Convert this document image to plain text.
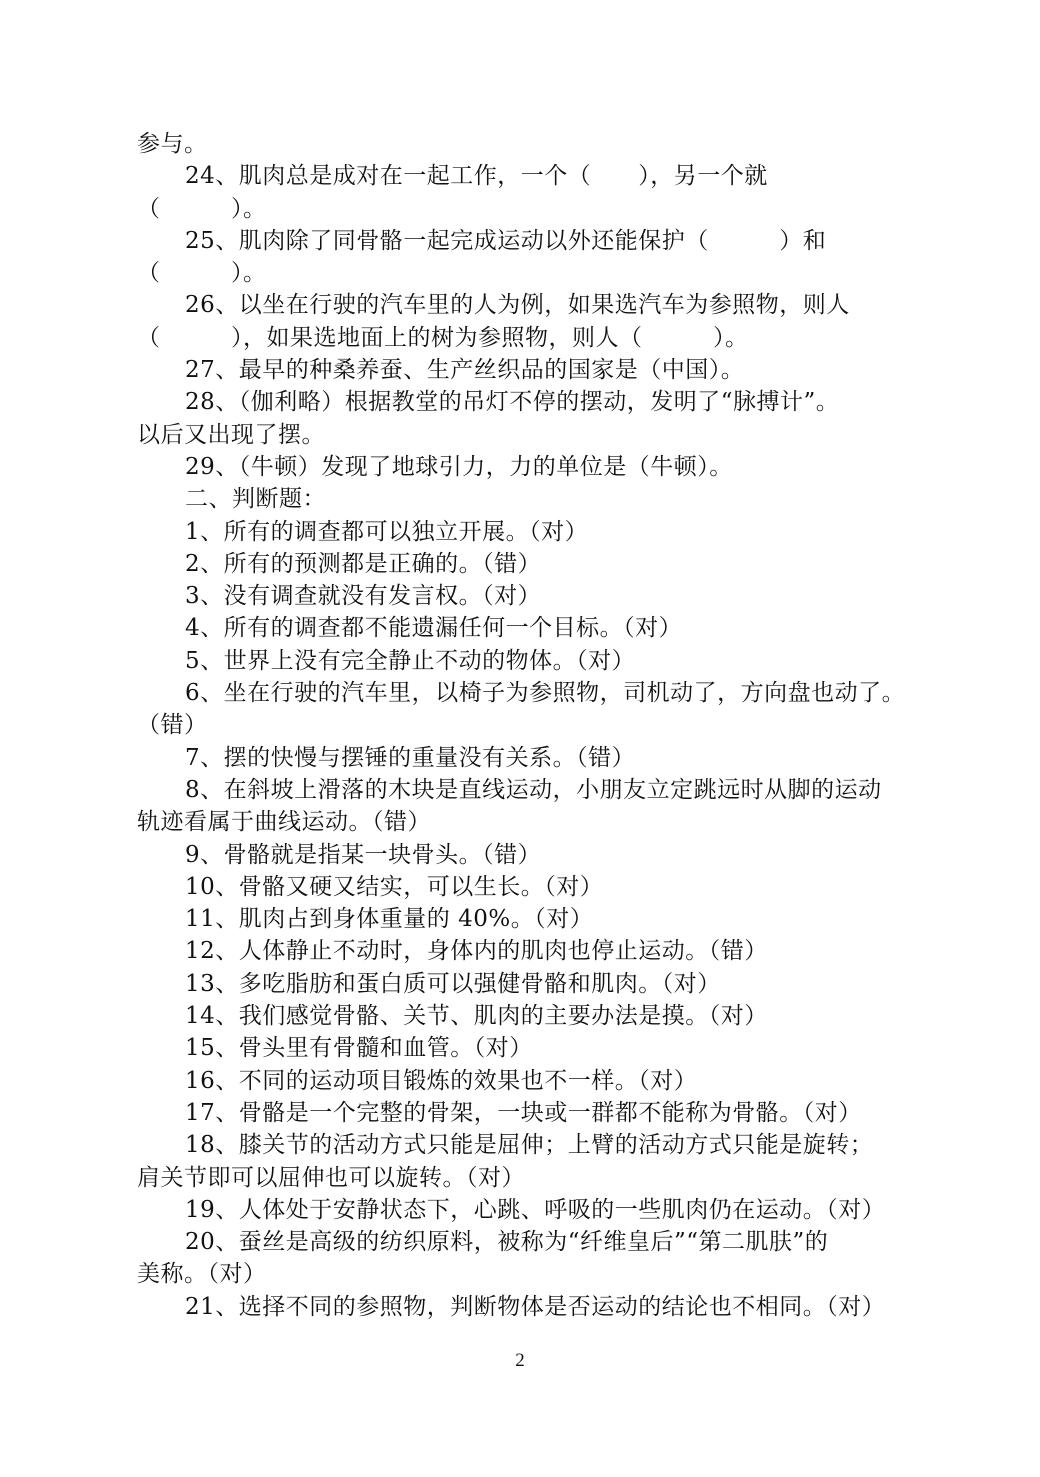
参与。
24、肌肉总是成对在一起工作，一个（　　），另一个就
（　　　）。
25、肌肉除了同骨骼一起完成运动以外还能保护（　　　）和
（　　　）。
26、以坐在行驶的汽车里的人为例，如果选汽车为参照物，则人
（　　　），如果选地面上的树为参照物，则人（　　　）。
27、最早的种桑养蚕、生产丝织品的国家是（中国）。
28、（伽利略）根据教堂的吊灯不停的摆动，发明了“脉搏计”。
以后又出现了摆。
29、（牛顿）发现了地球引力，力的单位是（牛顿）。
二、判断题：
1、所有的调查都可以独立开展。（对）
2、所有的预测都是正确的。（错）
3、没有调查就没有发言权。（对）
4、所有的调查都不能遗漏任何一个目标。（对）
5、世界上没有完全静止不动的物体。（对）
6、坐在行驶的汽车里，以椅子为参照物，司机动了，方向盘也动了。
（错）
7、摆的快慢与摆锤的重量没有关系。（错）
8、在斜坡上滑落的木块是直线运动，小朋友立定跳远时从脚的运动
轨迹看属于曲线运动。（错）
9、骨骼就是指某一块骨头。（错）
10、骨骼又硬又结实，可以生长。（对）
11、肌肉占到身体重量的 40%。（对）
12、人体静止不动时，身体内的肌肉也停止运动。（错）
13、多吃脂肪和蛋白质可以强健骨骼和肌肉。（对）
14、我们感觉骨骼、关节、肌肉的主要办法是摸。（对）
15、骨头里有骨髓和血管。（对）
16、不同的运动项目锻炼的效果也不一样。（对）
17、骨骼是一个完整的骨架，一块或一群都不能称为骨骼。（对）
18、膝关节的活动方式只能是屈伸；上臂的活动方式只能是旋转；
肩关节即可以屈伸也可以旋转。（对）
19、人体处于安静状态下，心跳、呼吸的一些肌肉仍在运动。（对）
20、蚕丝是高级的纺织原料，被称为“纤维皇后”“第二肌肤”的
美称。（对）
21、选择不同的参照物，判断物体是否运动的结论也不相同。（对）
2
